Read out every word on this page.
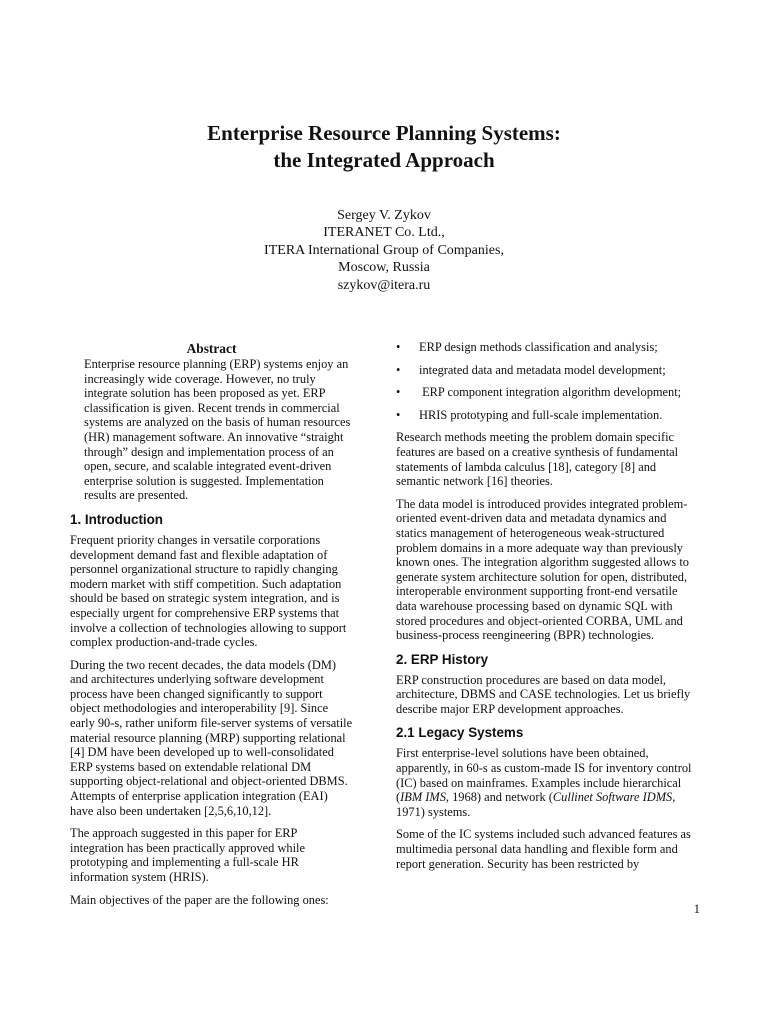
Enterprise Resource Planning Systems:
the Integrated Approach
Sergey V. Zykov
ITERANET Co. Ltd.,
ITERA International Group of Companies,
Moscow, Russia
szykov@itera.ru
Abstract

Enterprise resource planning (ERP) systems enjoy an increasingly wide coverage. However, no truly integrate solution has been proposed as yet. ERP classification is given. Recent trends in commercial systems are analyzed on the basis of human resources (HR) management software. An innovative “straight through” design and implementation process of an open, secure, and scalable integrated event-driven enterprise solution is suggested. Implementation results are presented.

1. Introduction

Frequent priority changes in versatile corporations development demand fast and flexible adaptation of personnel organizational structure to rapidly changing modern market with stiff competition. Such adaptation should be based on strategic system integration, and is especially urgent for comprehensive ERP systems that involve a collection of technologies allowing to support complex production-and-trade cycles.

During the two recent decades, the data models (DM) and architectures underlying software development process have been changed significantly to support object methodologies and interoperability [9]. Since early 90-s, rather uniform file-server systems of versatile material resource planning (MRP) supporting relational [4] DM have been developed up to well-consolidated ERP systems based on extendable relational DM supporting object-relational and object-oriented DBMS. Attempts of enterprise application integration (EAI) have also been undertaken [2,5,6,10,12].

The approach suggested in this paper for ERP integration has been practically approved while prototyping and implementing a full-scale HR information system (HRIS).

Main objectives of the paper are the following ones:

• ERP design methods classification and analysis;
• integrated data and metadata model development;
• ERP component integration algorithm development;
• HRIS prototyping and full-scale implementation.

Research methods meeting the problem domain specific features are based on a creative synthesis of fundamental statements of lambda calculus [18], category [8] and semantic network [16] theories.

The data model is introduced provides integrated problem-oriented event-driven data and metadata dynamics and statics management of heterogeneous weak-structured problem domains in a more adequate way than previously known ones. The integration algorithm suggested allows to generate system architecture solution for open, distributed, interoperable environment supporting front-end versatile data warehouse processing based on dynamic SQL with stored procedures and object-oriented CORBA, UML and business-process reengineering (BPR) technologies.

2. ERP History

ERP construction procedures are based on data model, architecture, DBMS and CASE technologies. Let us briefly describe major ERP development approaches.

2.1 Legacy Systems

First enterprise-level solutions have been obtained, apparently, in 60-s as custom-made IS for inventory control (IC) based on mainframes. Examples include hierarchical (IBM IMS, 1968) and network (Cullinet Software IDMS, 1971) systems.

Some of the IC systems included such advanced features as multimedia personal data handling and flexible form and report generation. Security has been restricted by

1
